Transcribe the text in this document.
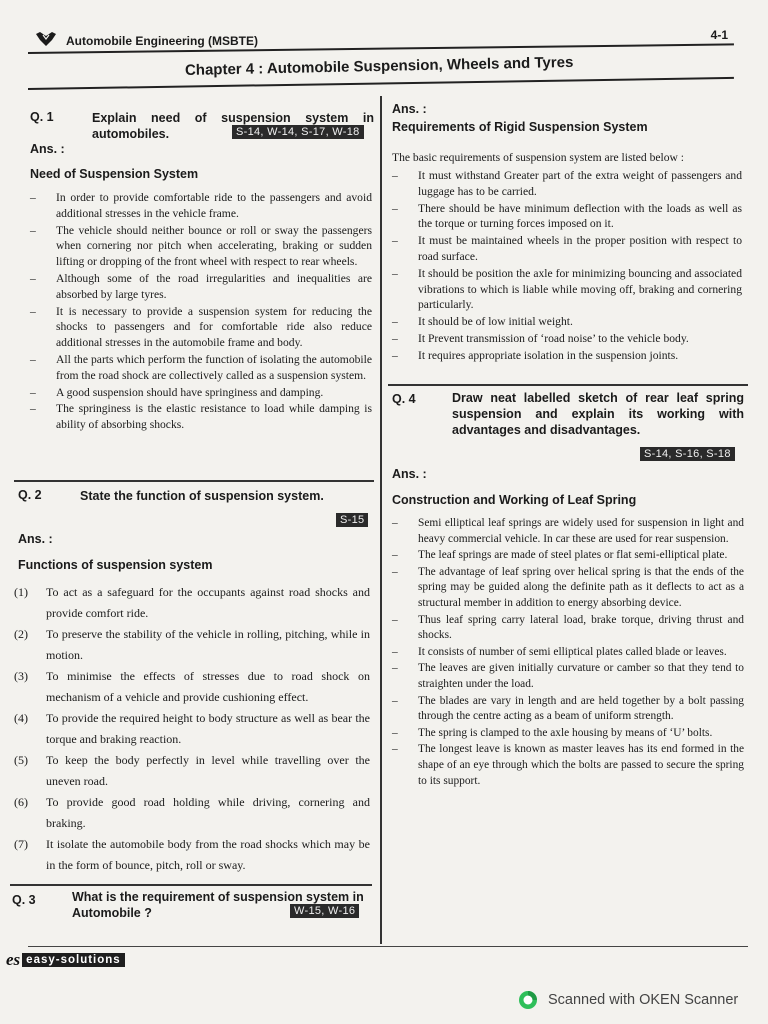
Automobile Engineering (MSBTE)	4-1
Chapter 4 : Automobile Suspension, Wheels and Tyres
Q. 1	Explain need of suspension system in automobiles.	S-14, W-14, S-17, W-18
Ans. :
Need of Suspension System
– In order to provide comfortable ride to the passengers and avoid additional stresses in the vehicle frame.
– The vehicle should neither bounce or roll or sway the passengers when cornering nor pitch when accelerating, braking or sudden lifting or dropping of the front wheel with respect to rear wheels.
– Although some of the road irregularities and inequalities are absorbed by large tyres.
– It is necessary to provide a suspension system for reducing the shocks to passengers and for comfortable ride also reduce additional stresses in the automobile frame and body.
– All the parts which perform the function of isolating the automobile from the road shock are collectively called as a suspension system.
– A good suspension should have springiness and damping.
– The springiness is the elastic resistance to load while damping is ability of absorbing shocks.
Q. 2	State the function of suspension system.
S-15
Ans. :
Functions of suspension system
(1) To act as a safeguard for the occupants against road shocks and provide comfort ride.
(2) To preserve the stability of the vehicle in rolling, pitching, while in motion.
(3) To minimise the effects of stresses due to road shock on mechanism of a vehicle and provide cushioning effect.
(4) To provide the required height to body structure as well as bear the torque and braking reaction.
(5) To keep the body perfectly in level while travelling over the uneven road.
(6) To provide good road holding while driving, cornering and braking.
(7) It isolate the automobile body from the road shocks which may be in the form of bounce, pitch, roll or sway.
Q. 3	What is the requirement of suspension system in Automobile ?	W-15, W-16
Ans. :
Requirements of Rigid Suspension System
The basic requirements of suspension system are listed below :
– It must withstand Greater part of the extra weight of passengers and luggage has to be carried.
– There should be have minimum deflection with the loads as well as the torque or turning forces imposed on it.
– It must be maintained wheels in the proper position with respect to road surface.
– It should be position the axle for minimizing bouncing and associated vibrations to which is liable while moving off, braking and cornering particularly.
– It should be of low initial weight.
– It Prevent transmission of ‘road noise’ to the vehicle body.
– It requires appropriate isolation in the suspension joints.
Q. 4	Draw neat labelled sketch of rear leaf spring suspension and explain its working with advantages and disadvantages.
S-14, S-16, S-18
Ans. :
Construction and Working of Leaf Spring
– Semi elliptical leaf springs are widely used for suspension in light and heavy commercial vehicle. In car these are used for rear suspension.
– The leaf springs are made of steel plates or flat semi-elliptical plate.
– The advantage of leaf spring over helical spring is that the ends of the spring may be guided along the definite path as it deflects to act as a structural member in addition to energy absorbing device.
– Thus leaf spring carry lateral load, brake torque, driving thrust and shocks.
– It consists of number of semi elliptical plates called blade or leaves.
– The leaves are given initially curvature or camber so that they tend to straighten under the load.
– The blades are vary in length and are held together by a bolt passing through the centre acting as a beam of uniform strength.
– The spring is clamped to the axle housing by means of ‘U’ bolts.
– The longest leave is known as master leaves has its end formed in the shape of an eye through which the bolts are passed to secure the spring to its support.
es easy-solutions
Scanned with OKEN Scanner
